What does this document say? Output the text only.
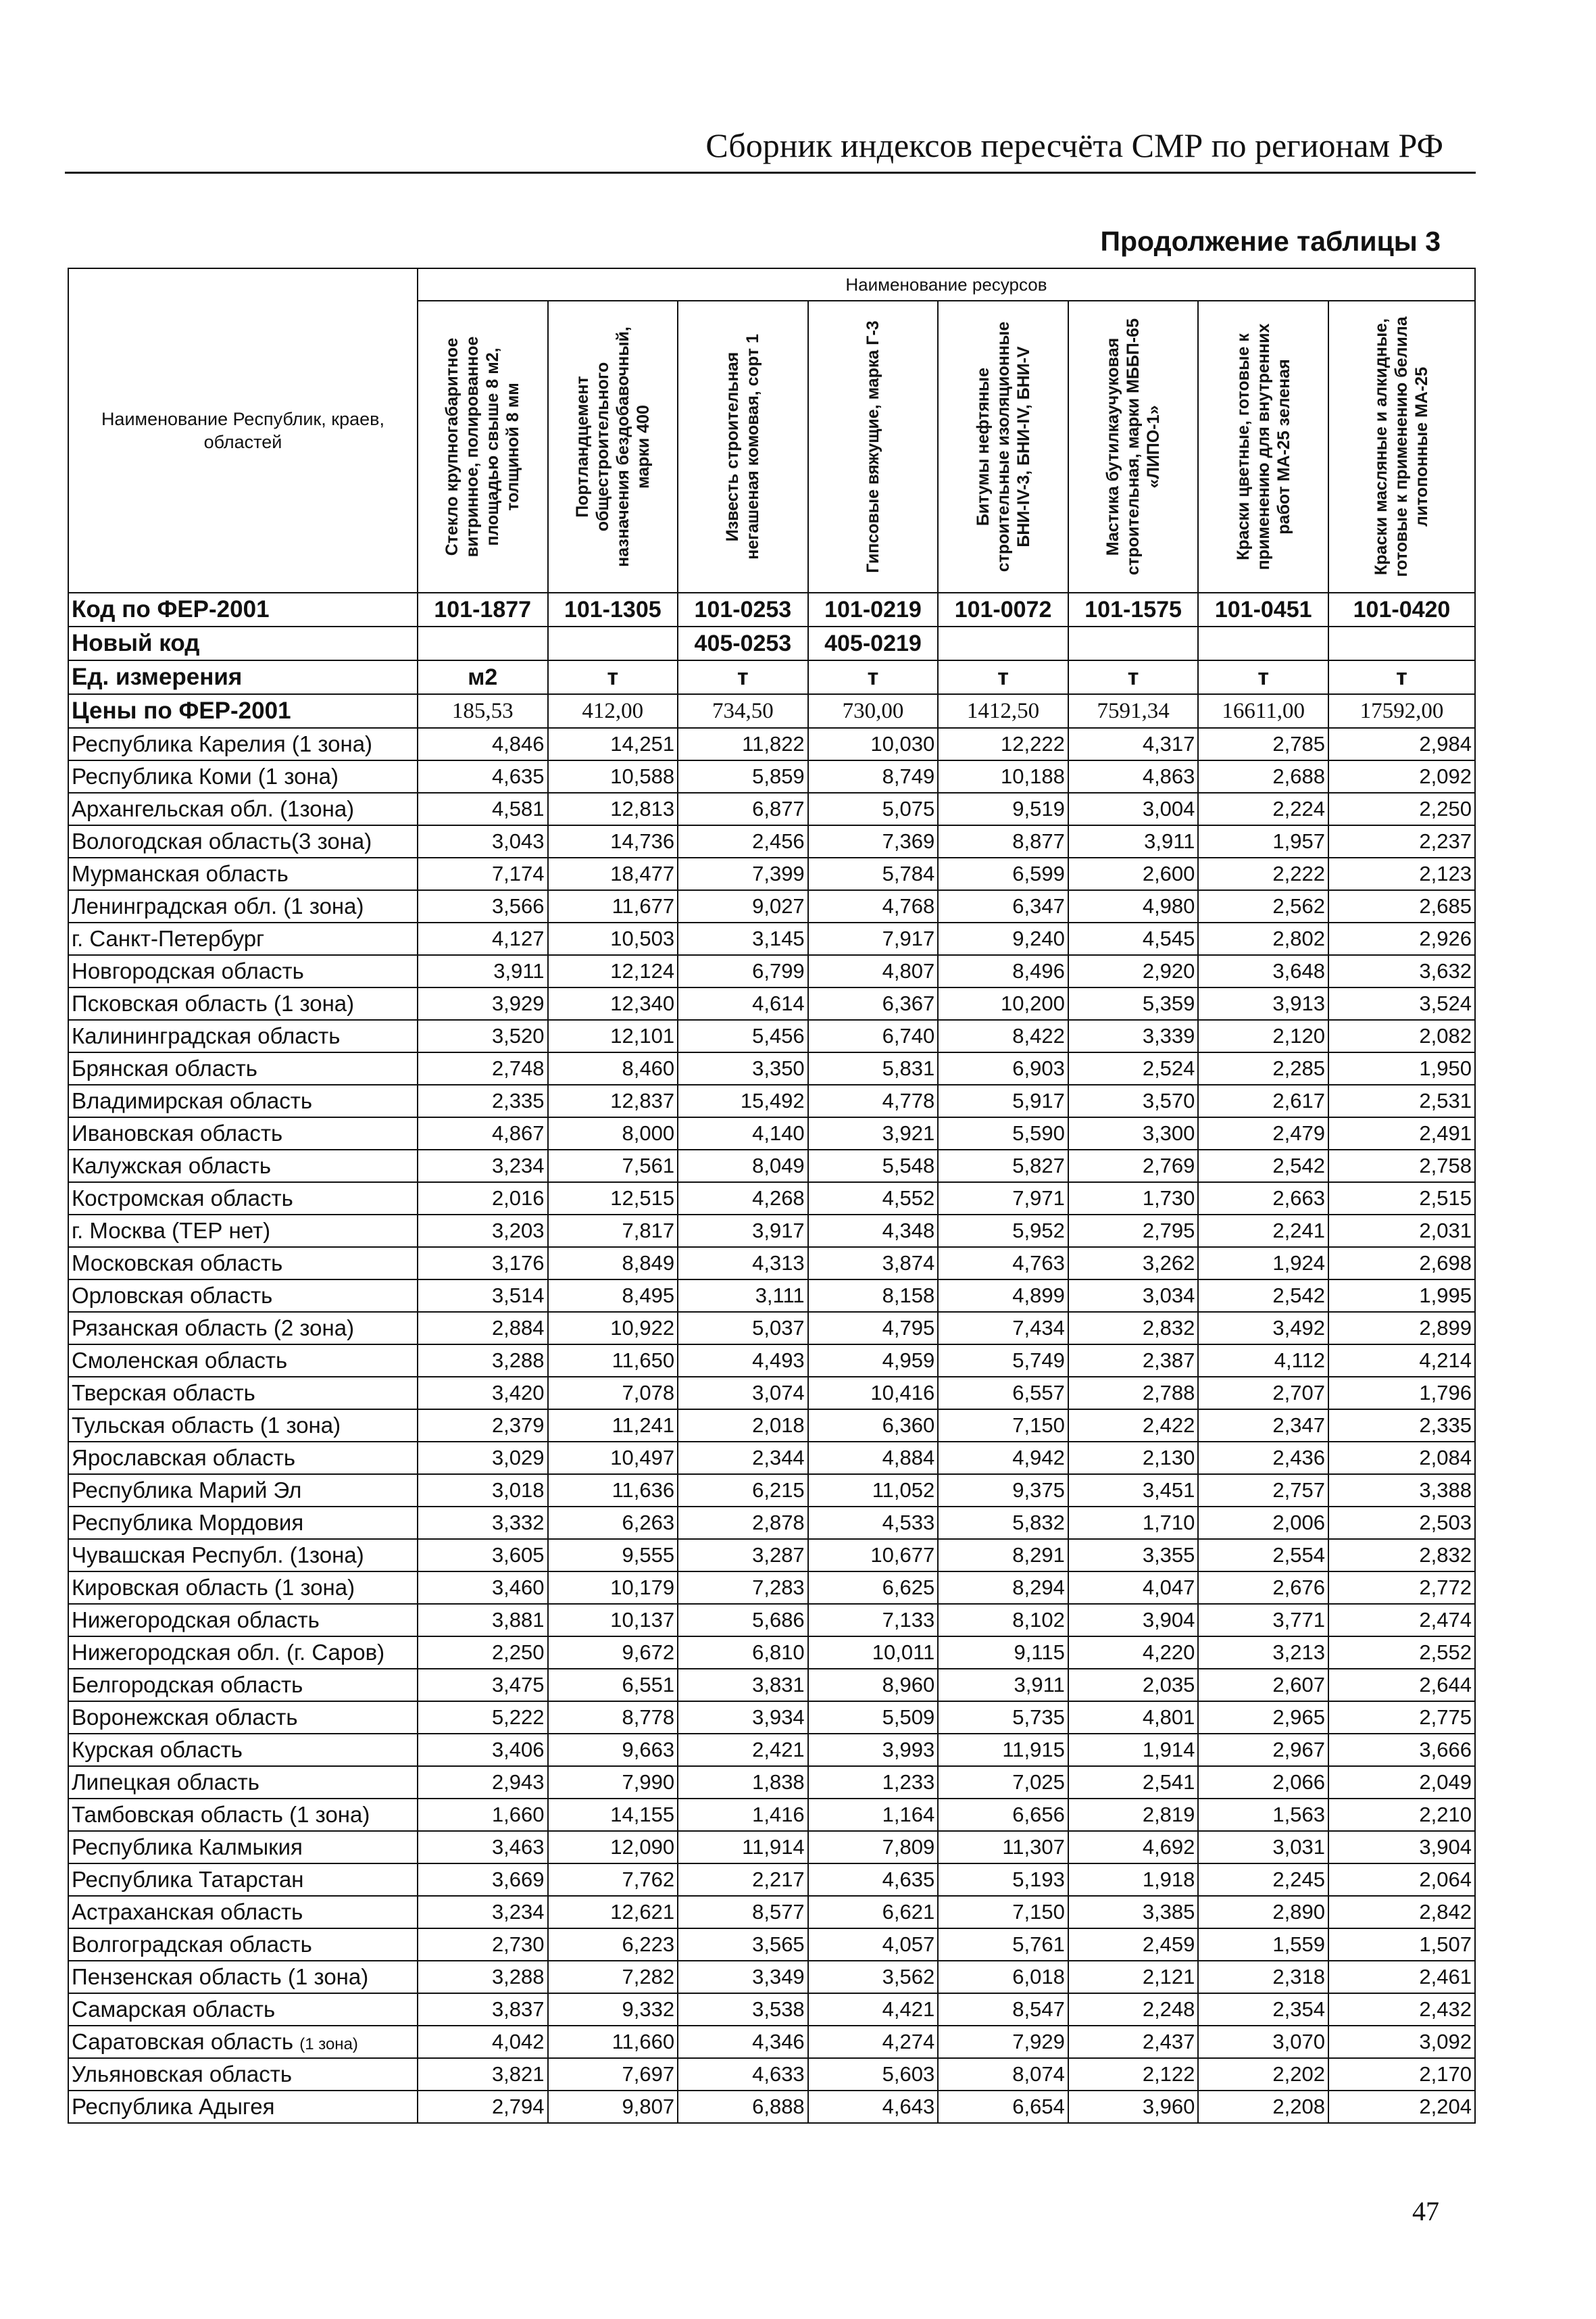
Сборник индексов пересчёта СМР по регионам РФ
Продолжение таблицы 3
Наименование Республик, краев, областей	Наименование ресурсов							

	Стекло крупногабаритное витринное, полированное площадью свыше 8 м2, толщиной 8 мм	Портландцемент общестроительного назначения бездобавочный, марки 400	Известь строительная негашеная комовая, сорт 1	Гипсовые вяжущие, марка Г-3	Битумы нефтяные строительные изоляционные БНИ-IV-3, БНИ-IV, БНИ-V	Мастика бутилкаучуковая строительная, марки МББП-65 «ЛИПО-1»	Краски цветные, готовые к применению для внутренних работ МА-25 зеленая	Краски масляные и алкидные, готовые к применению белила литопонные МА-25

Код по ФЕР-2001	101-1877	101-1305	101-0253	101-0219	101-0072	101-1575	101-0451	101-0420
Новый код			405-0253	405-0219				
Ед. измерения	м2	т	т	т	т	т	т	т
Цены по ФЕР-2001	185,53	412,00	734,50	730,00	1412,50	7591,34	16611,00	17592,00
Республика Карелия (1 зона)	4,846	14,251	11,822	10,030	12,222	4,317	2,785	2,984
Республика Коми (1 зона)	4,635	10,588	5,859	8,749	10,188	4,863	2,688	2,092
Архангельская обл. (1зона)	4,581	12,813	6,877	5,075	9,519	3,004	2,224	2,250
Вологодская область(3 зона)	3,043	14,736	2,456	7,369	8,877	3,911	1,957	2,237
Мурманская область	7,174	18,477	7,399	5,784	6,599	2,600	2,222	2,123
Ленинградская обл. (1 зона)	3,566	11,677	9,027	4,768	6,347	4,980	2,562	2,685
г. Санкт-Петербург	4,127	10,503	3,145	7,917	9,240	4,545	2,802	2,926
Новгородская область	3,911	12,124	6,799	4,807	8,496	2,920	3,648	3,632
Псковская область (1 зона)	3,929	12,340	4,614	6,367	10,200	5,359	3,913	3,524
Калининградская область	3,520	12,101	5,456	6,740	8,422	3,339	2,120	2,082
Брянская область	2,748	8,460	3,350	5,831	6,903	2,524	2,285	1,950
Владимирская область	2,335	12,837	15,492	4,778	5,917	3,570	2,617	2,531
Ивановская область	4,867	8,000	4,140	3,921	5,590	3,300	2,479	2,491
Калужская область	3,234	7,561	8,049	5,548	5,827	2,769	2,542	2,758
Костромская область	2,016	12,515	4,268	4,552	7,971	1,730	2,663	2,515
г. Москва (ТЕР нет)	3,203	7,817	3,917	4,348	5,952	2,795	2,241	2,031
Московская область	3,176	8,849	4,313	3,874	4,763	3,262	1,924	2,698
Орловская область	3,514	8,495	3,111	8,158	4,899	3,034	2,542	1,995
Рязанская область (2 зона)	2,884	10,922	5,037	4,795	7,434	2,832	3,492	2,899
Смоленская область	3,288	11,650	4,493	4,959	5,749	2,387	4,112	4,214
Тверская область	3,420	7,078	3,074	10,416	6,557	2,788	2,707	1,796
Тульская область (1 зона)	2,379	11,241	2,018	6,360	7,150	2,422	2,347	2,335
Ярославская область	3,029	10,497	2,344	4,884	4,942	2,130	2,436	2,084
Республика Марий Эл	3,018	11,636	6,215	11,052	9,375	3,451	2,757	3,388
Республика Мордовия	3,332	6,263	2,878	4,533	5,832	1,710	2,006	2,503
Чувашская Республ. (1зона)	3,605	9,555	3,287	10,677	8,291	3,355	2,554	2,832
Кировская область (1 зона)	3,460	10,179	7,283	6,625	8,294	4,047	2,676	2,772
Нижегородская область	3,881	10,137	5,686	7,133	8,102	3,904	3,771	2,474
Нижегородская обл. (г. Саров)	2,250	9,672	6,810	10,011	9,115	4,220	3,213	2,552
Белгородская область	3,475	6,551	3,831	8,960	3,911	2,035	2,607	2,644
Воронежская область	5,222	8,778	3,934	5,509	5,735	4,801	2,965	2,775
Курская область	3,406	9,663	2,421	3,993	11,915	1,914	2,967	3,666
Липецкая область	2,943	7,990	1,838	1,233	7,025	2,541	2,066	2,049
Тамбовская область (1 зона)	1,660	14,155	1,416	1,164	6,656	2,819	1,563	2,210
Республика Калмыкия	3,463	12,090	11,914	7,809	11,307	4,692	3,031	3,904
Республика Татарстан	3,669	7,762	2,217	4,635	5,193	1,918	2,245	2,064
Астраханская область	3,234	12,621	8,577	6,621	7,150	3,385	2,890	2,842
Волгоградская область	2,730	6,223	3,565	4,057	5,761	2,459	1,559	1,507
Пензенская область (1 зона)	3,288	7,282	3,349	3,562	6,018	2,121	2,318	2,461
Самарская область	3,837	9,332	3,538	4,421	8,547	2,248	2,354	2,432
Саратовская область (1 зона)	4,042	11,660	4,346	4,274	7,929	2,437	3,070	3,092
Ульяновская область	3,821	7,697	4,633	5,603	8,074	2,122	2,202	2,170
Республика Адыгея	2,794	9,807	6,888	4,643	6,654	3,960	2,208	2,204
47
